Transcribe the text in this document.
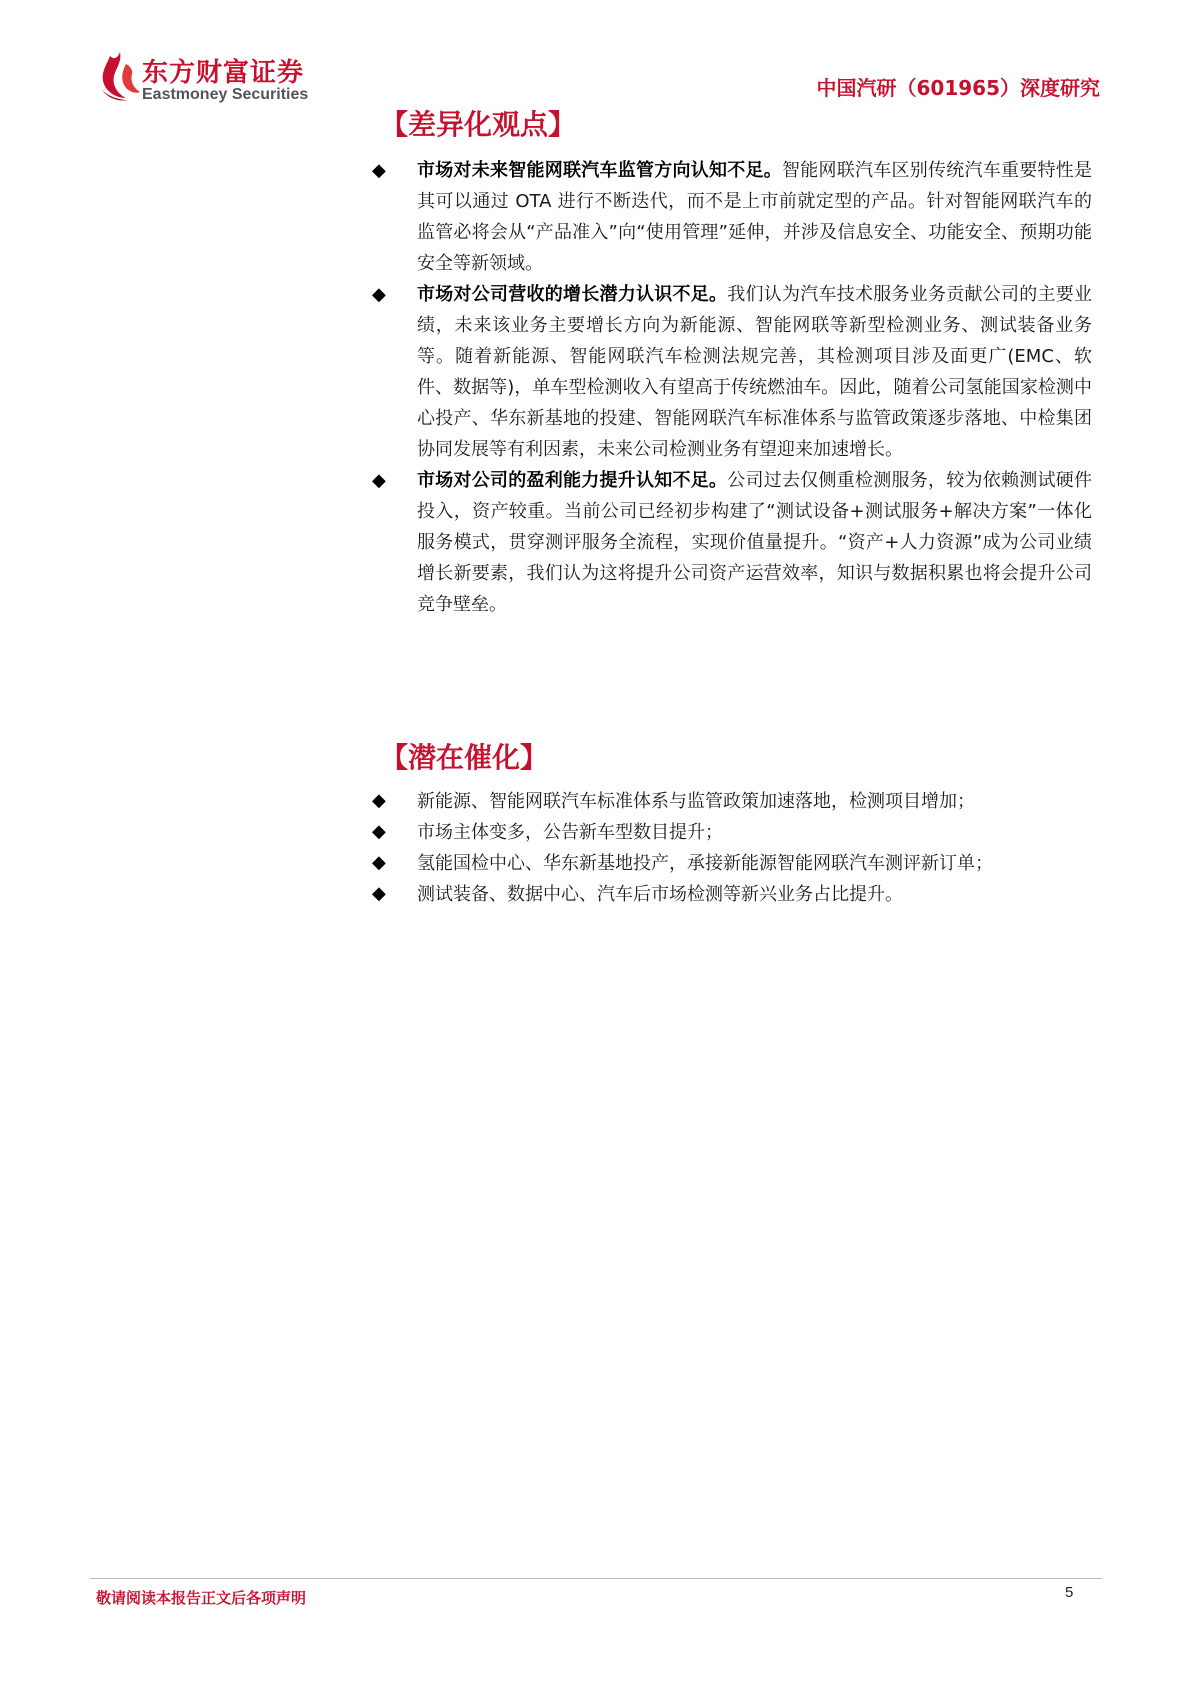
东方财富证券
Eastmoney Securities	中国汽研（601965）深度研究
【差异化观点】
◆ 市场对未来智能网联汽车监管方向认知不足。智能网联汽车区别传统汽车重要特性是其可以通过 OTA 进行不断迭代，而不是上市前就定型的产品。针对智能网联汽车的监管必将会从“产品准入”向“使用管理”延伸，并涉及信息安全、功能安全、预期功能安全等新领域。
◆ 市场对公司营收的增长潜力认识不足。我们认为汽车技术服务业务贡献公司的主要业绩，未来该业务主要增长方向为新能源、智能网联等新型检测业务、测试装备业务等。随着新能源、智能网联汽车检测法规完善，其检测项目涉及面更广(EMC、软件、数据等)，单车型检测收入有望高于传统燃油车。因此，随着公司氢能国家检测中心投产、华东新基地的投建、智能网联汽车标准体系与监管政策逐步落地、中检集团协同发展等有利因素，未来公司检测业务有望迎来加速增长。
◆ 市场对公司的盈利能力提升认知不足。公司过去仅侧重检测服务，较为依赖测试硬件投入，资产较重。当前公司已经初步构建了“测试设备+测试服务+解决方案”一体化服务模式，贯穿测评服务全流程，实现价值量提升。“资产+人力资源”成为公司业绩增长新要素，我们认为这将提升公司资产运营效率，知识与数据积累也将会提升公司竞争壁垒。
【潜在催化】
◆ 新能源、智能网联汽车标准体系与监管政策加速落地，检测项目增加；
◆ 市场主体变多，公告新车型数目提升；
◆ 氢能国检中心、华东新基地投产，承接新能源智能网联汽车测评新订单；
◆ 测试装备、数据中心、汽车后市场检测等新兴业务占比提升。
敬请阅读本报告正文后各项声明	5
